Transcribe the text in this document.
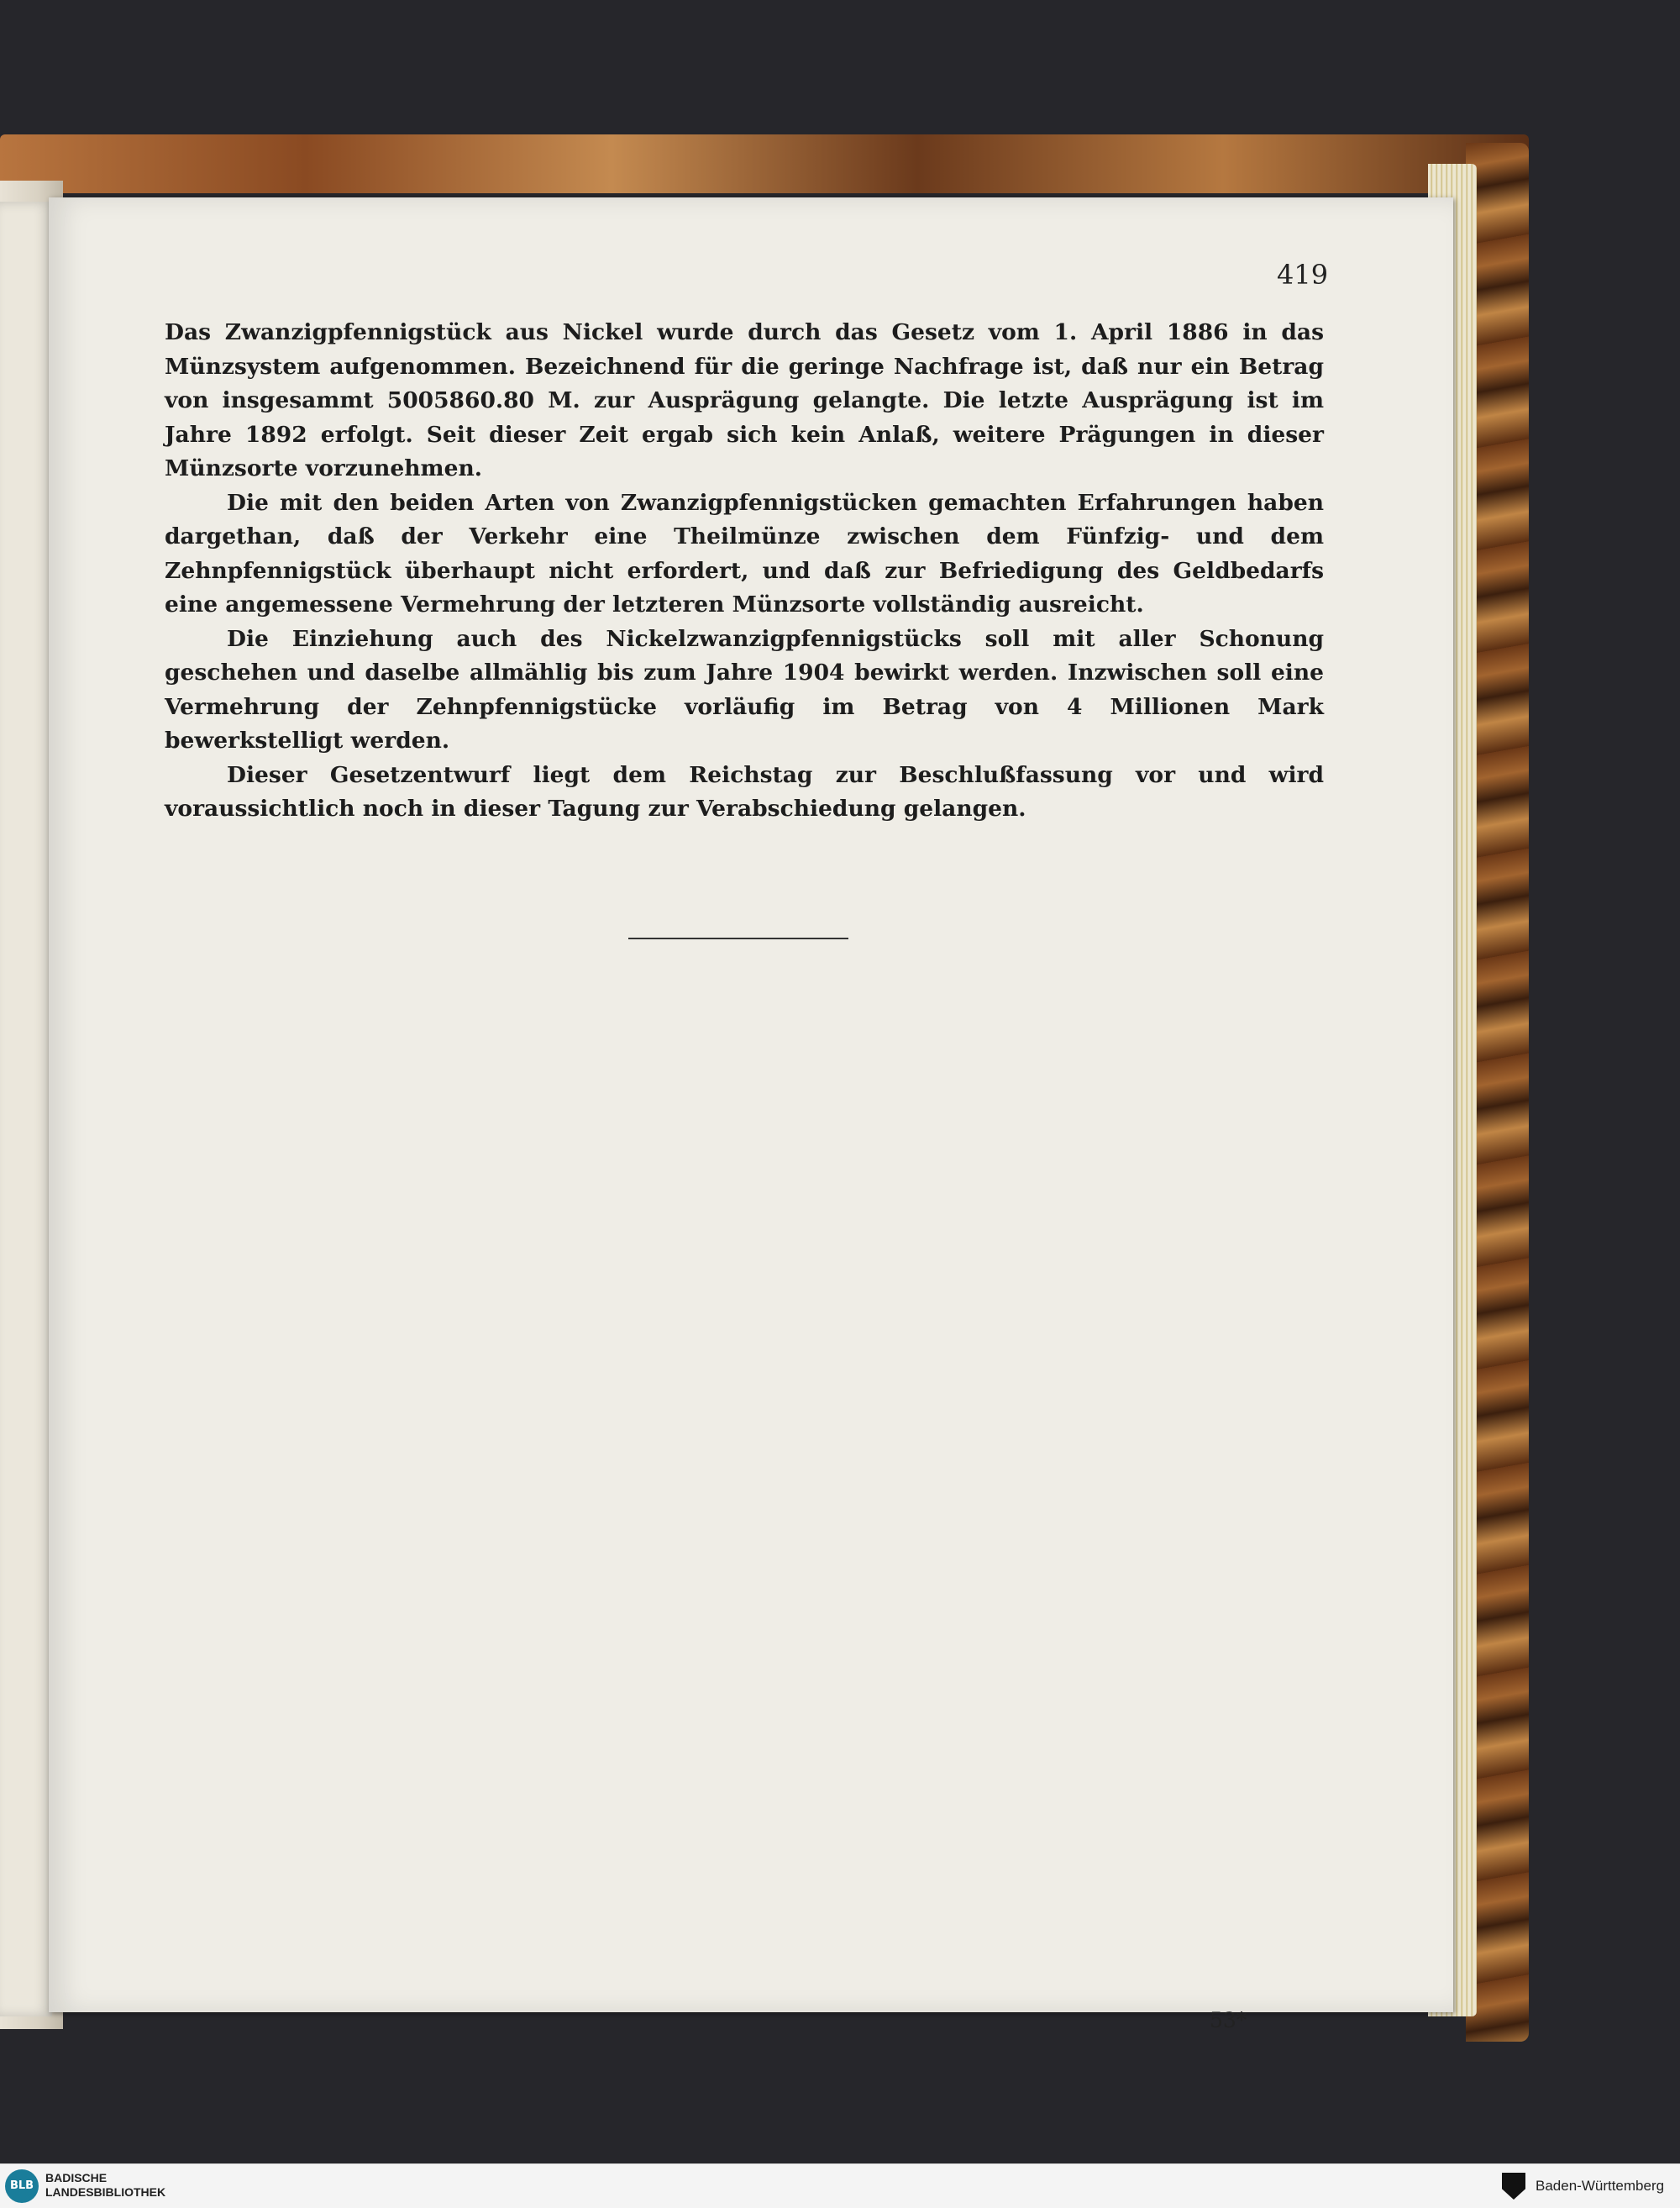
419

Das Zwanzigpfennigstück aus Nickel wurde durch das Gesetz vom 1. April 1886 in das Münzsystem aufgenommen. Bezeichnend für die geringe Nachfrage ist, daß nur ein Betrag von insgesammt 5005860.80 M. zur Ausprägung gelangte. Die letzte Ausprägung ist im Jahre 1892 erfolgt. Seit dieser Zeit ergab sich kein Anlaß, weitere Prägungen in dieser Münzsorte vorzunehmen.

Die mit den beiden Arten von Zwanzigpfennigstücken gemachten Erfahrungen haben dargethan, daß der Verkehr eine Theilmünze zwischen dem Fünfzig- und dem Zehnpfennigstück überhaupt nicht erfordert, und daß zur Befriedigung des Geldbedarfs eine angemessene Vermehrung der letzteren Münzsorte vollständig ausreicht.

Die Einziehung auch des Nickelzwanzigpfennigstücks soll mit aller Schonung geschehen und daselbe allmählig bis zum Jahre 1904 bewirkt werden. Inzwischen soll eine Vermehrung der Zehnpfennigstücke vorläufig im Betrag von 4 Millionen Mark bewerkstelligt werden.

Dieser Gesetzentwurf liegt dem Reichstag zur Beschlußfassung vor und wird voraussichtlich noch in dieser Tagung zur Verabschiedung gelangen.

53*
BLB
BADISCHE
LANDESBIBLIOTHEK	Baden-Württemberg
